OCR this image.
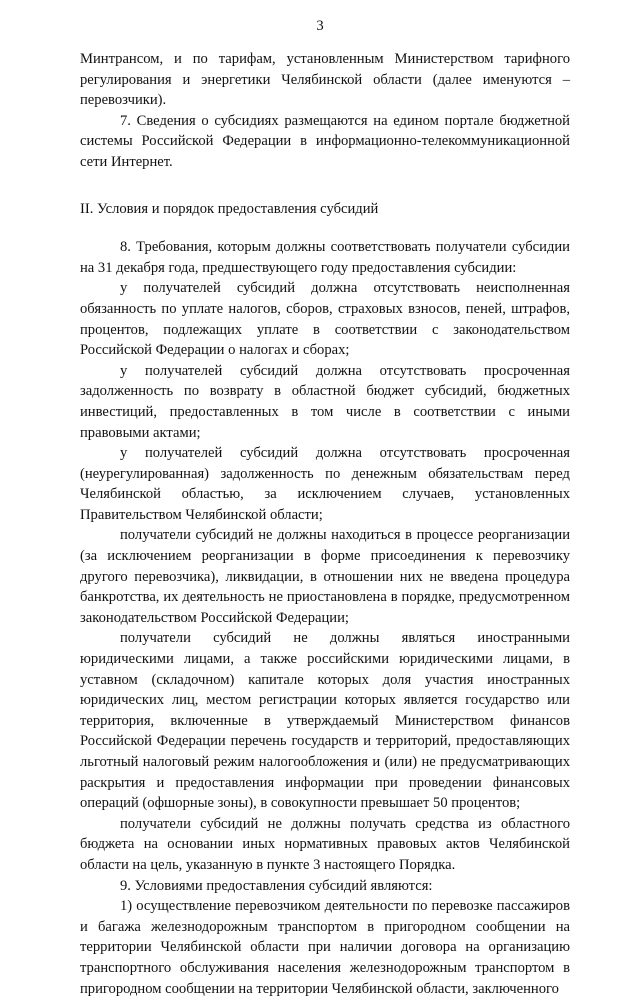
3

Минтрансом, и по тарифам, установленным Министерством тарифного регулирования и энергетики Челябинской области (далее именуются – перевозчики).

7. Сведения о субсидиях размещаются на едином портале бюджетной системы Российской Федерации в информационно-телекоммуникационной сети Интернет.

II. Условия и порядок предоставления субсидий

8. Требования, которым должны соответствовать получатели субсидии на 31 декабря года, предшествующего году предоставления субсидии:

у получателей субсидий должна отсутствовать неисполненная обязанность по уплате налогов, сборов, страховых взносов, пеней, штрафов, процентов, подлежащих уплате в соответствии с законодательством Российской Федерации о налогах и сборах;

у получателей субсидий должна отсутствовать просроченная задолженность по возврату в областной бюджет субсидий, бюджетных инвестиций, предоставленных в том числе в соответствии с иными правовыми актами;

у получателей субсидий должна отсутствовать просроченная (неурегулированная) задолженность по денежным обязательствам перед Челябинской областью, за исключением случаев, установленных Правительством Челябинской области;

получатели субсидий не должны находиться в процессе реорганизации (за исключением реорганизации в форме присоединения к перевозчику другого перевозчика), ликвидации, в отношении них не введена процедура банкротства, их деятельность не приостановлена в порядке, предусмотренном законодательством Российской Федерации;

получатели субсидий не должны являться иностранными юридическими лицами, а также российскими юридическими лицами, в уставном (складочном) капитале которых доля участия иностранных юридических лиц, местом регистрации которых является государство или территория, включенные в утверждаемый Министерством финансов Российской Федерации перечень государств и территорий, предоставляющих льготный налоговый режим налогообложения и (или) не предусматривающих раскрытия и предоставления информации при проведении финансовых операций (офшорные зоны), в совокупности превышает 50 процентов;

получатели субсидий не должны получать средства из областного бюджета на основании иных нормативных правовых актов Челябинской области на цель, указанную в пункте 3 настоящего Порядка.

9. Условиями предоставления субсидий являются:

1) осуществление перевозчиком деятельности по перевозке пассажиров и багажа железнодорожным транспортом в пригородном сообщении на территории Челябинской области при наличии договора на организацию транспортного обслуживания населения железнодорожным транспортом в пригородном сообщении на территории Челябинской области, заключенного
